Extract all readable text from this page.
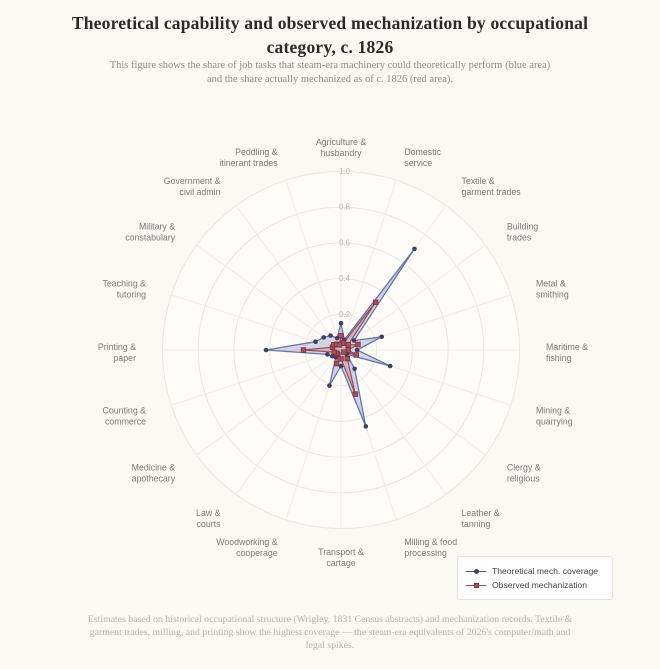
0.2
0.4
0.6
0.8
1.0
Agriculture &
husbandry	Domestic
service
Textile &
garment trades
Building
trades
Metal &
smithing
Maritime &
fishing
Mining &
quarrying
Clergy &
religious
Leather &
tanning
Milling & food
processing
Transport &
cartage
Woodworking &
cooperage
Law &
courts
Medicine &
apothecary
Counting &
commerce
Printing &
paper
Teaching &
tutoring
Military &
constabulary
Government &
civil admin
Peddling &
itinerant trades
Theoretical capability and observed mechanization by occupational
category, c. 1826
This figure shows the share of job tasks that steam-era machinery could theoretically perform (blue area)
and the share actually mechanized as of c. 1826 (red area).
Theoretical mech. coverage
Observed mechanization
Estimates based on historical occupational structure (Wrigley, 1831 Census abstracts) and mechanization records. Textile &
garment trades, milling, and printing show the highest coverage — the steam-era equivalents of 2026's computer/math and
legal spikes.
